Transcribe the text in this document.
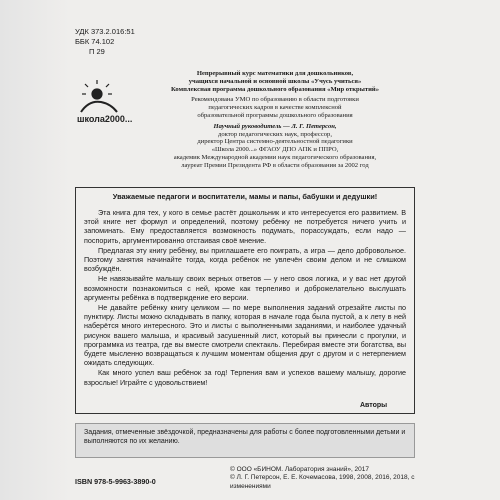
УДК 373.2.016:51
ББК 74.102
П 29
школа2000...
Непрерывный курс математики для дошкольников,
учащихся начальной и основной школы «Учусь учиться»
Комплексная программа дошкольного образования «Мир открытий»
Рекомендована УМО по образованию в области подготовки
педагогических кадров в качестве комплексной
образовательной программы дошкольного образования
Научный руководитель — Л. Г. Петерсон,
доктор педагогических наук, профессор,
директор Центра системно-деятельностной педагогики
«Школа 2000...» ФГАОУ ДПО АПК и ППРО,
академик Международной академии наук педагогического образования,
лауреат Премии Президента РФ в области образования за 2002 год
Уважаемые педагоги и воспитатели, мамы и папы, бабушки и дедушки!

Эта книга для тех, у кого в семье растёт дошкольник и кто интересуется его развитием. В этой книге нет формул и определений, поэтому ребёнку не потребуется ничего учить и запоминать. Ему предоставляется возможность подумать, порассуждать, если надо — поспорить, аргументированно отстаивая своё мнение.

Предлагая эту книгу ребёнку, вы приглашаете его поиграть, а игра — дело добровольное. Поэтому занятия начинайте тогда, когда ребёнок не увлечён своим делом и не слишком возбуждён.

Не навязывайте малышу своих верных ответов — у него своя логика, и у вас нет другой возможности познакомиться с ней, кроме как терпеливо и доброжелательно выслушать аргументы ребёнка в подтверждение его версии.

Не давайте ребёнку книгу целиком — по мере выполнения заданий отрезайте листы по пунктиру. Листы можно складывать в папку, которая в начале года была пустой, а к лету в ней наберётся много интересного. Это и листы с выполненными заданиями, и наиболее удачный рисунок вашего малыша, и красивый засушенный лист, который вы принесли с прогулки, и программка из театра, где вы вместе смотрели спектакль. Перебирая вместе эти богатства, вы будете мысленно возвращаться к лучшим моментам общения друг с другом и с нетерпением ожидать следующих.

Как много успел ваш ребёнок за год! Терпения вам и успехов вашему малышу, дорогие взрослые! Играйте с удовольствием!

Авторы
Задания, отмеченные звёздочкой, предназначены для работы с более подготовленными детьми и выполняются по их желанию.
ISBN 978-5-9963-3890-0
© ООО «БИНОМ. Лаборатория знаний», 2017
© Л. Г. Петерсон, Е. Е. Кочемасова, 1998, 2008, 2016, 2018, с изменениями
